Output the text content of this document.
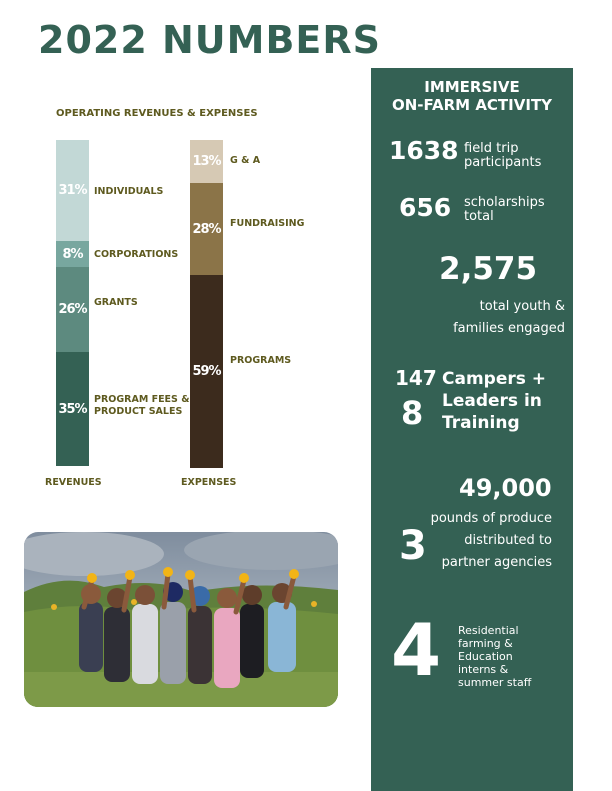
2022 NUMBERS
OPERATING REVENUES & EXPENSES
31%
8%
26%
35%
INDIVIDUALS
CORPORATIONS
GRANTS
PROGRAM FEES & PRODUCT SALES
REVENUES
13%
28%
59%
G & A
FUNDRAISING
PROGRAMS
EXPENSES
IMMERSIVE
ON-FARM ACTIVITY
1638 field trip
participants
656 scholarships
total
2,575
total youth &
families engaged
147
8
Campers +
Leaders in
Training
49,000
3
pounds of produce
distributed to
partner agencies
4 Residential
farming &
Education
interns &
summer staff
